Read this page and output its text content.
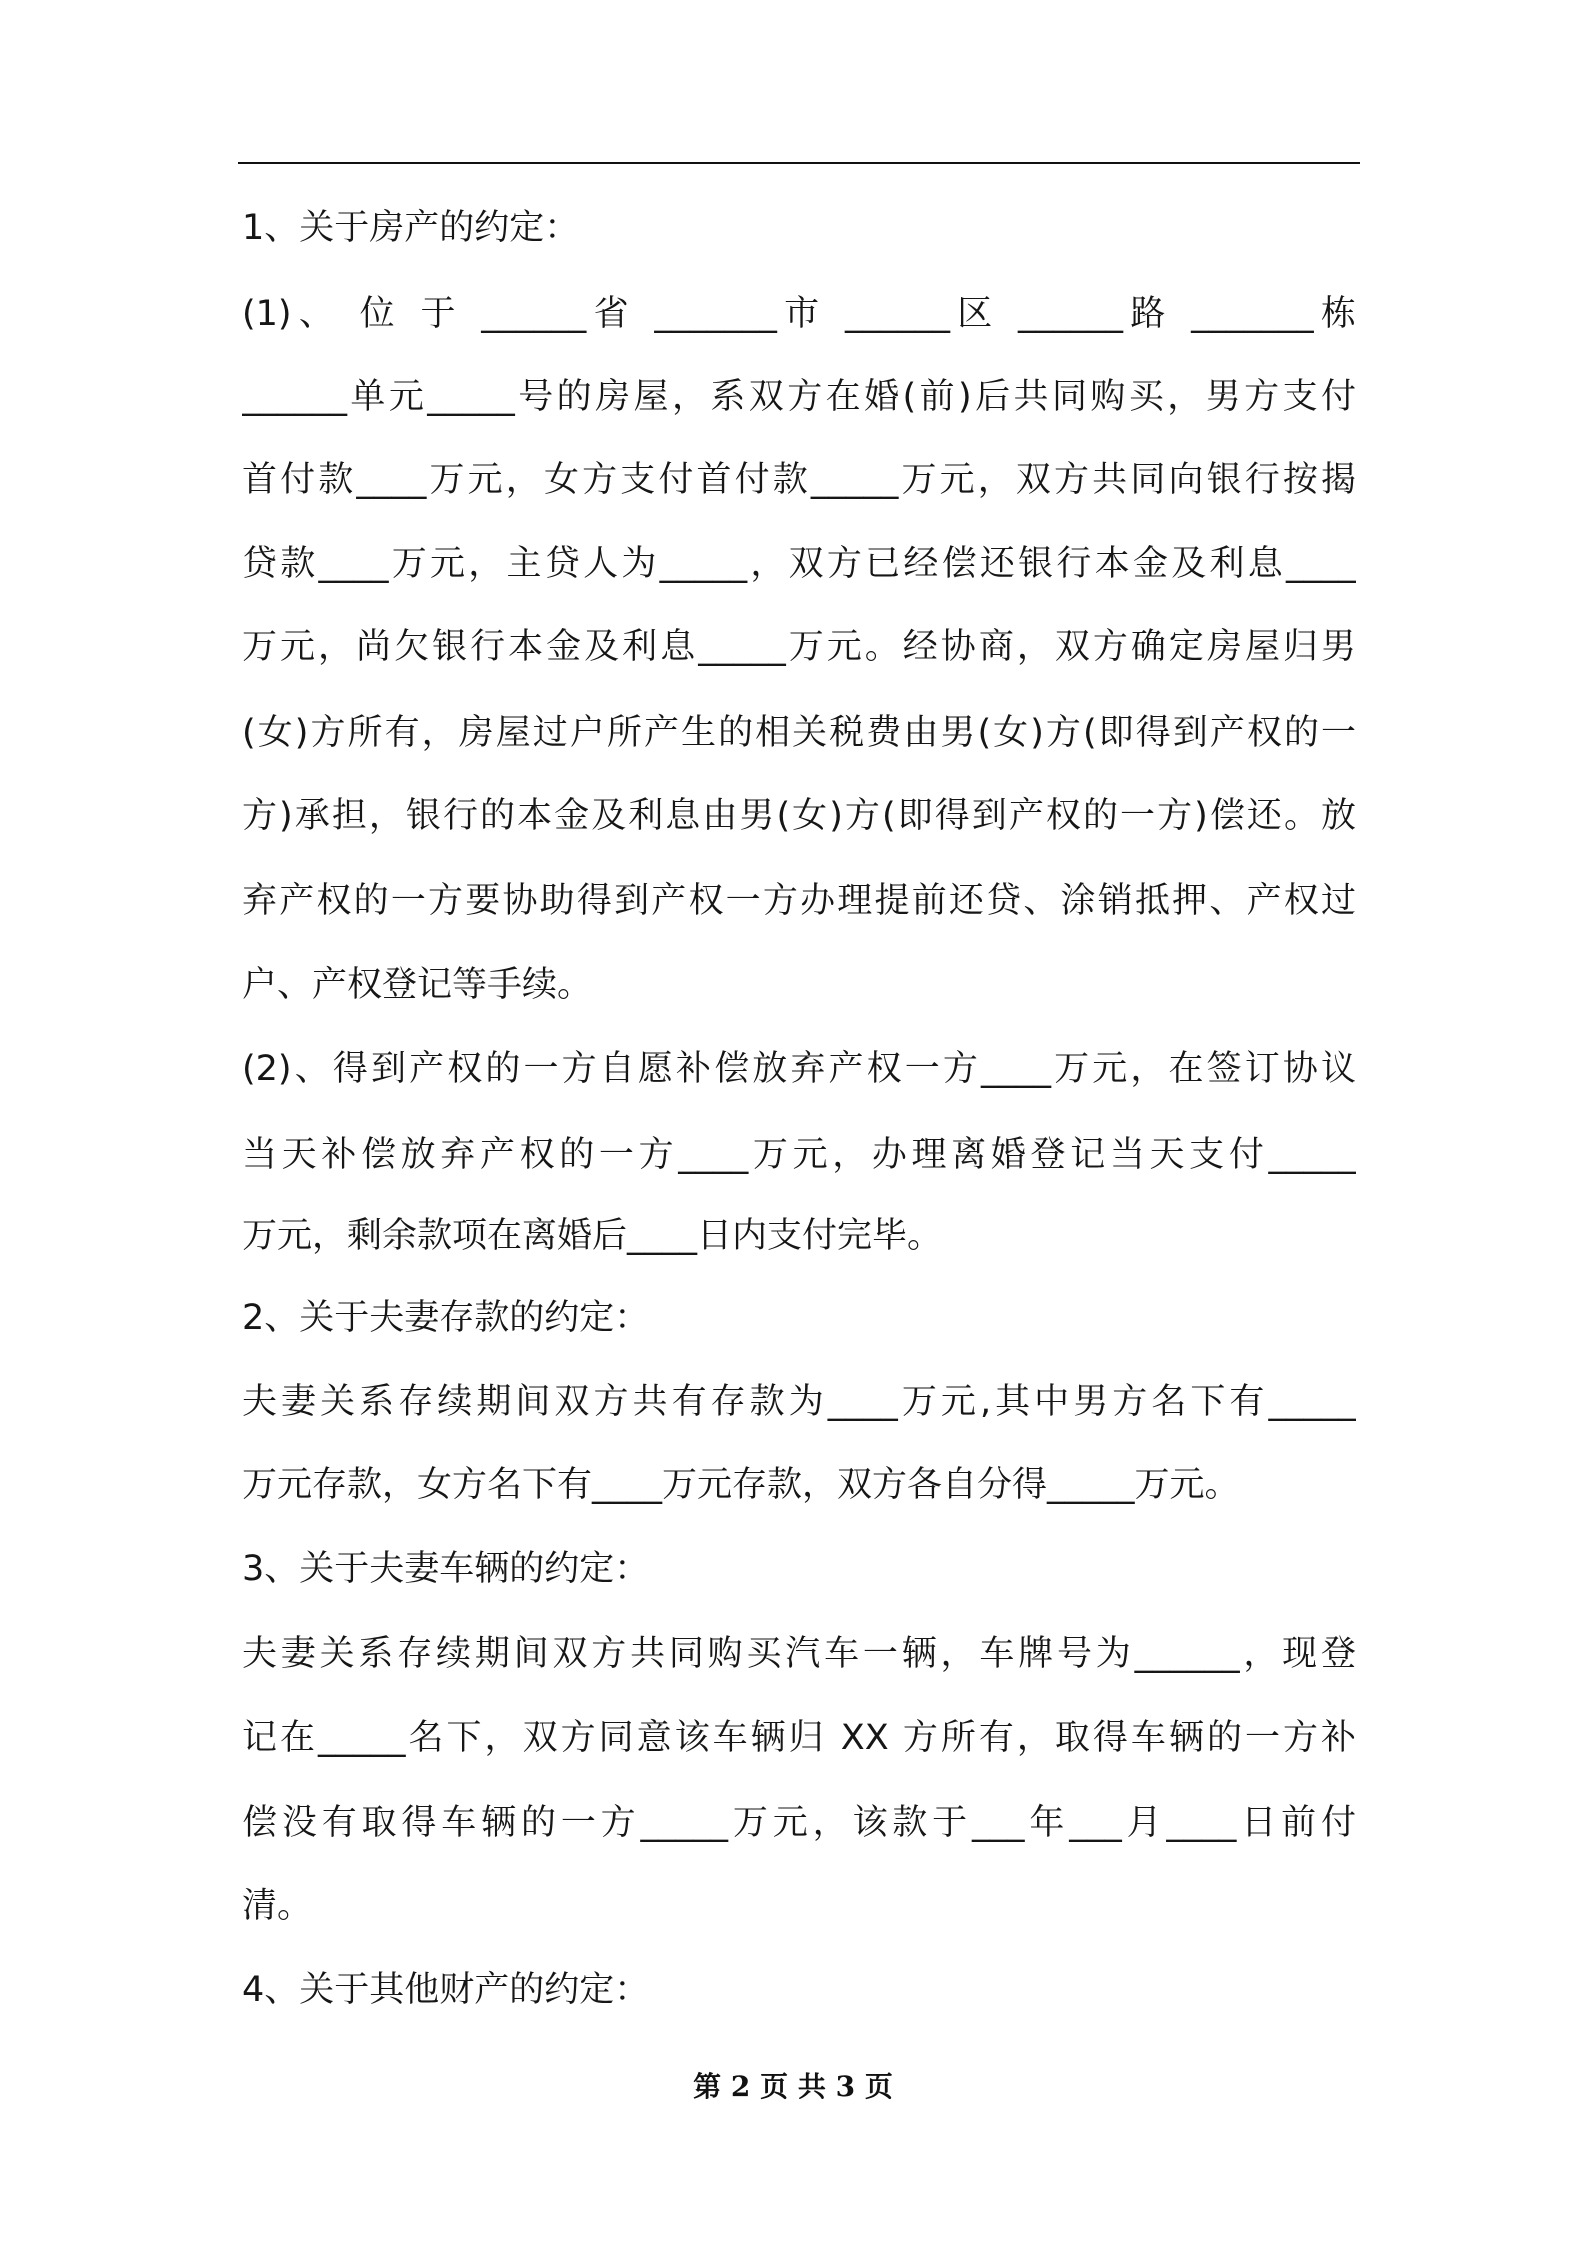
1、关于房产的约定：
(1)、 位 于 ______省 _______市 ______区 ______路 _______栋
______单元_____号的房屋，系双方在婚(前)后共同购买，男方支付
首付款____万元，女方支付首付款_____万元，双方共同向银行按揭
贷款____万元，主贷人为_____，双方已经偿还银行本金及利息____
万元，尚欠银行本金及利息_____万元。经协商，双方确定房屋归男
(女)方所有，房屋过户所产生的相关税费由男(女)方(即得到产权的一
方)承担，银行的本金及利息由男(女)方(即得到产权的一方)偿还。放
弃产权的一方要协助得到产权一方办理提前还贷、涂销抵押、产权过
户、产权登记等手续。
(2)、得到产权的一方自愿补偿放弃产权一方____万元，在签订协议
当天补偿放弃产权的一方____万元，办理离婚登记当天支付_____
万元，剩余款项在离婚后____日内支付完毕。
2、关于夫妻存款的约定：
夫妻关系存续期间双方共有存款为____万元,其中男方名下有_____
万元存款，女方名下有____万元存款，双方各自分得_____万元。
3、关于夫妻车辆的约定：
夫妻关系存续期间双方共同购买汽车一辆，车牌号为______，现登
记在_____名下，双方同意该车辆归 XX 方所有，取得车辆的一方补
偿没有取得车辆的一方_____万元，该款于___年___月____日前付
清。
4、关于其他财产的约定：
第 2 页 共 3 页
